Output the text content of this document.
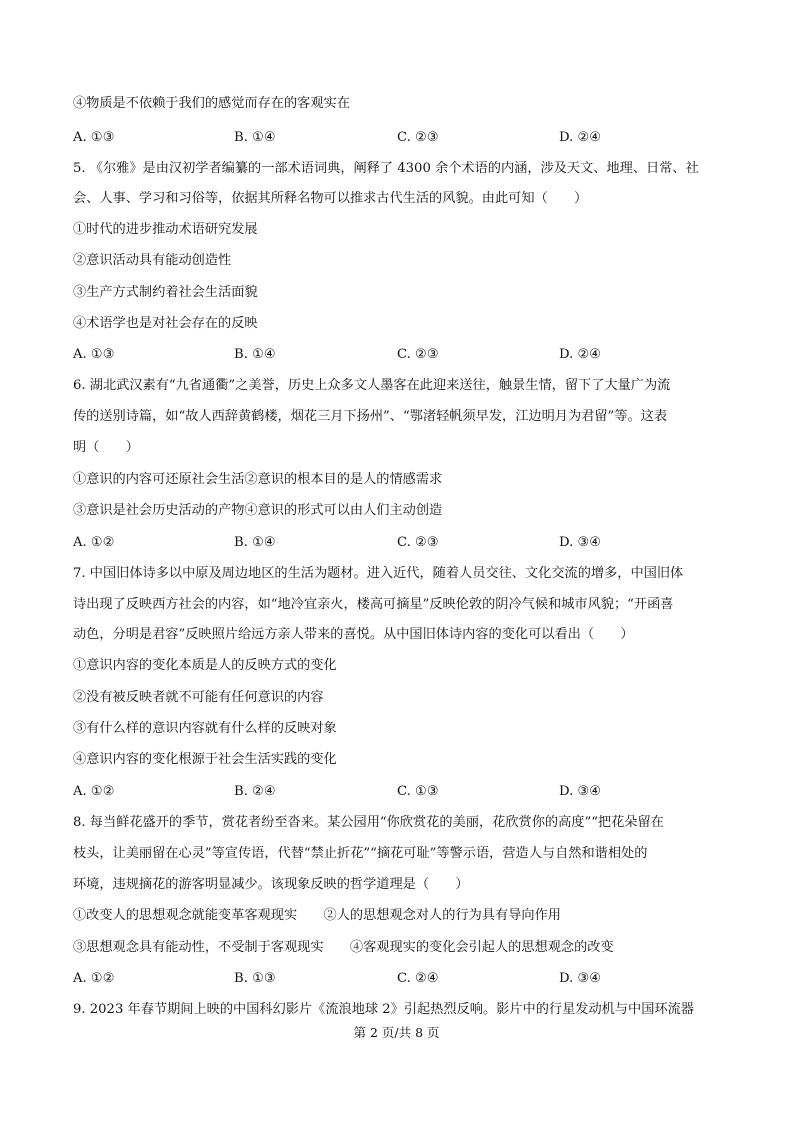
④物质是不依赖于我们的感觉而存在的客观实在
A. ①③	B. ①④	C. ②③	D. ②④
5. 《尔雅》是由汉初学者编纂的一部术语词典，阐释了 4300 余个术语的内涵，涉及天文、地理、日常、社
会、人事、学习和习俗等，依据其所释名物可以推求古代生活的风貌。由此可知（　　）
①时代的进步推动术语研究发展
②意识活动具有能动创造性
③生产方式制约着社会生活面貌
④术语学也是对社会存在的反映
A. ①③	B. ①④	C. ②③	D. ②④
6. 湖北武汉素有“九省通衢”之美誉，历史上众多文人墨客在此迎来送往，触景生情，留下了大量广为流
传的送别诗篇，如“故人西辞黄鹤楼，烟花三月下扬州”、“鄂渚轻帆须早发，江边明月为君留”等。这表
明（　　）
①意识的内容可还原社会生活②意识的根本目的是人的情感需求
③意识是社会历史活动的产物④意识的形式可以由人们主动创造
A. ①②	B. ①④	C. ②③	D. ③④
7. 中国旧体诗多以中原及周边地区的生活为题材。进入近代，随着人员交往、文化交流的增多，中国旧体
诗出现了反映西方社会的内容，如“地冷宜亲火，楼高可摘星”反映伦敦的阴冷气候和城市风貌；“开函喜
动色，分明是君容”反映照片给远方亲人带来的喜悦。从中国旧体诗内容的变化可以看出（　　）
①意识内容的变化本质是人的反映方式的变化
②没有被反映者就不可能有任何意识的内容
③有什么样的意识内容就有什么样的反映对象
④意识内容的变化根源于社会生活实践的变化
A. ①②	B. ②④	C. ①③	D. ③④
8. 每当鲜花盛开的季节，赏花者纷至沓来。某公园用“你欣赏花的美丽，花欣赏你的高度”“把花朵留在
枝头，让美丽留在心灵”等宣传语，代替“禁止折花”“摘花可耻”等警示语，营造人与自然和谐相处的
环境，违规摘花的游客明显减少。该现象反映的哲学道理是（　　）
①改变人的思想观念就能变革客观现实　　②人的思想观念对人的行为具有导向作用
③思想观念具有能动性，不受制于客观现实　　④客观现实的变化会引起人的思想观念的改变
A. ①②	B. ①③	C. ②④	D. ③④
9. 2023 年春节期间上映的中国科幻影片《流浪地球 2》引起热烈反响。影片中的行星发动机与中国环流器
第 2 页/共 8 页
